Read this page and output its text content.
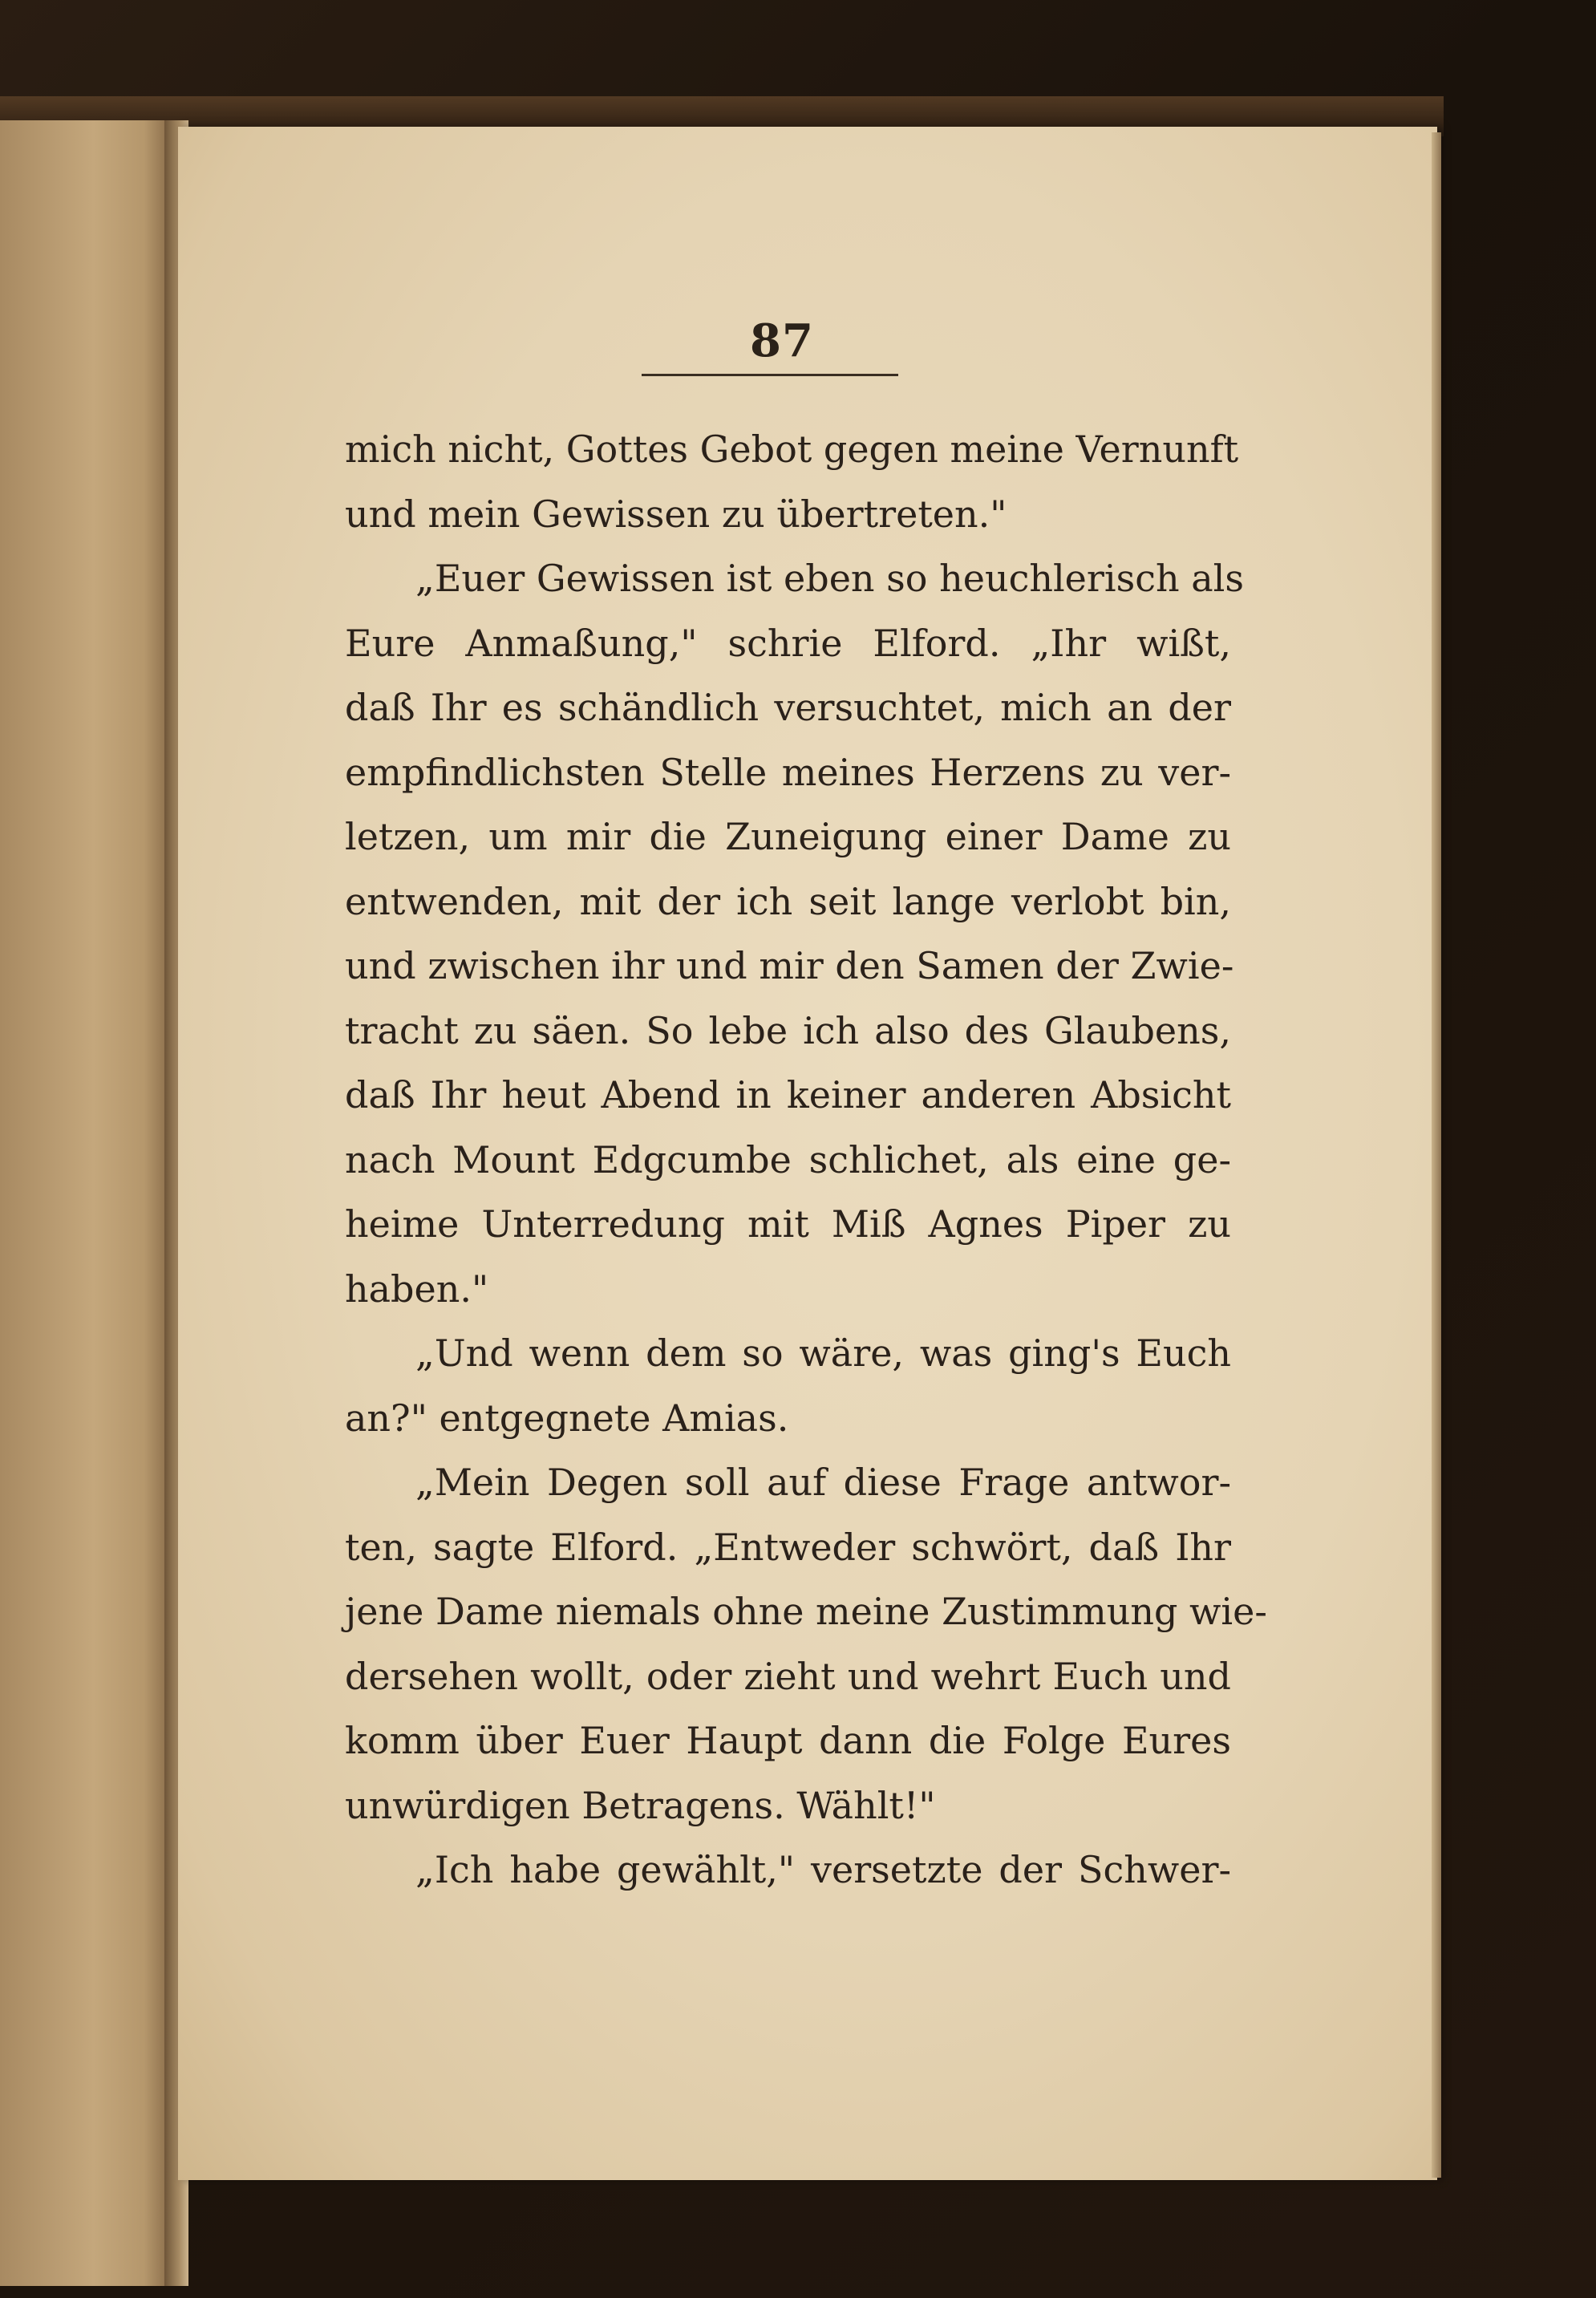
87
mich nicht, Gottes Gebot gegen meine Vernunft
und mein Gewissen zu übertreten."
„Euer Gewissen ist eben so heuchlerisch als
Eure Anmaßung," schrie Elford. „Ihr wißt,
daß Ihr es schändlich versuchtet, mich an der
empfindlichsten Stelle meines Herzens zu ver-
letzen, um mir die Zuneigung einer Dame zu
entwenden, mit der ich seit lange verlobt bin,
und zwischen ihr und mir den Samen der Zwie-
tracht zu säen. So lebe ich also des Glaubens,
daß Ihr heut Abend in keiner anderen Absicht
nach Mount Edgcumbe schlichet, als eine ge-
heime Unterredung mit Miß Agnes Piper zu
haben."
„Und wenn dem so wäre, was ging's Euch
an?" entgegnete Amias.
„Mein Degen soll auf diese Frage antwor-
ten, sagte Elford. „Entweder schwört, daß Ihr
jene Dame niemals ohne meine Zustimmung wie-
dersehen wollt, oder zieht und wehrt Euch und
komm über Euer Haupt dann die Folge Eures
unwürdigen Betragens. Wählt!"
„Ich habe gewählt," versetzte der Schwer-
